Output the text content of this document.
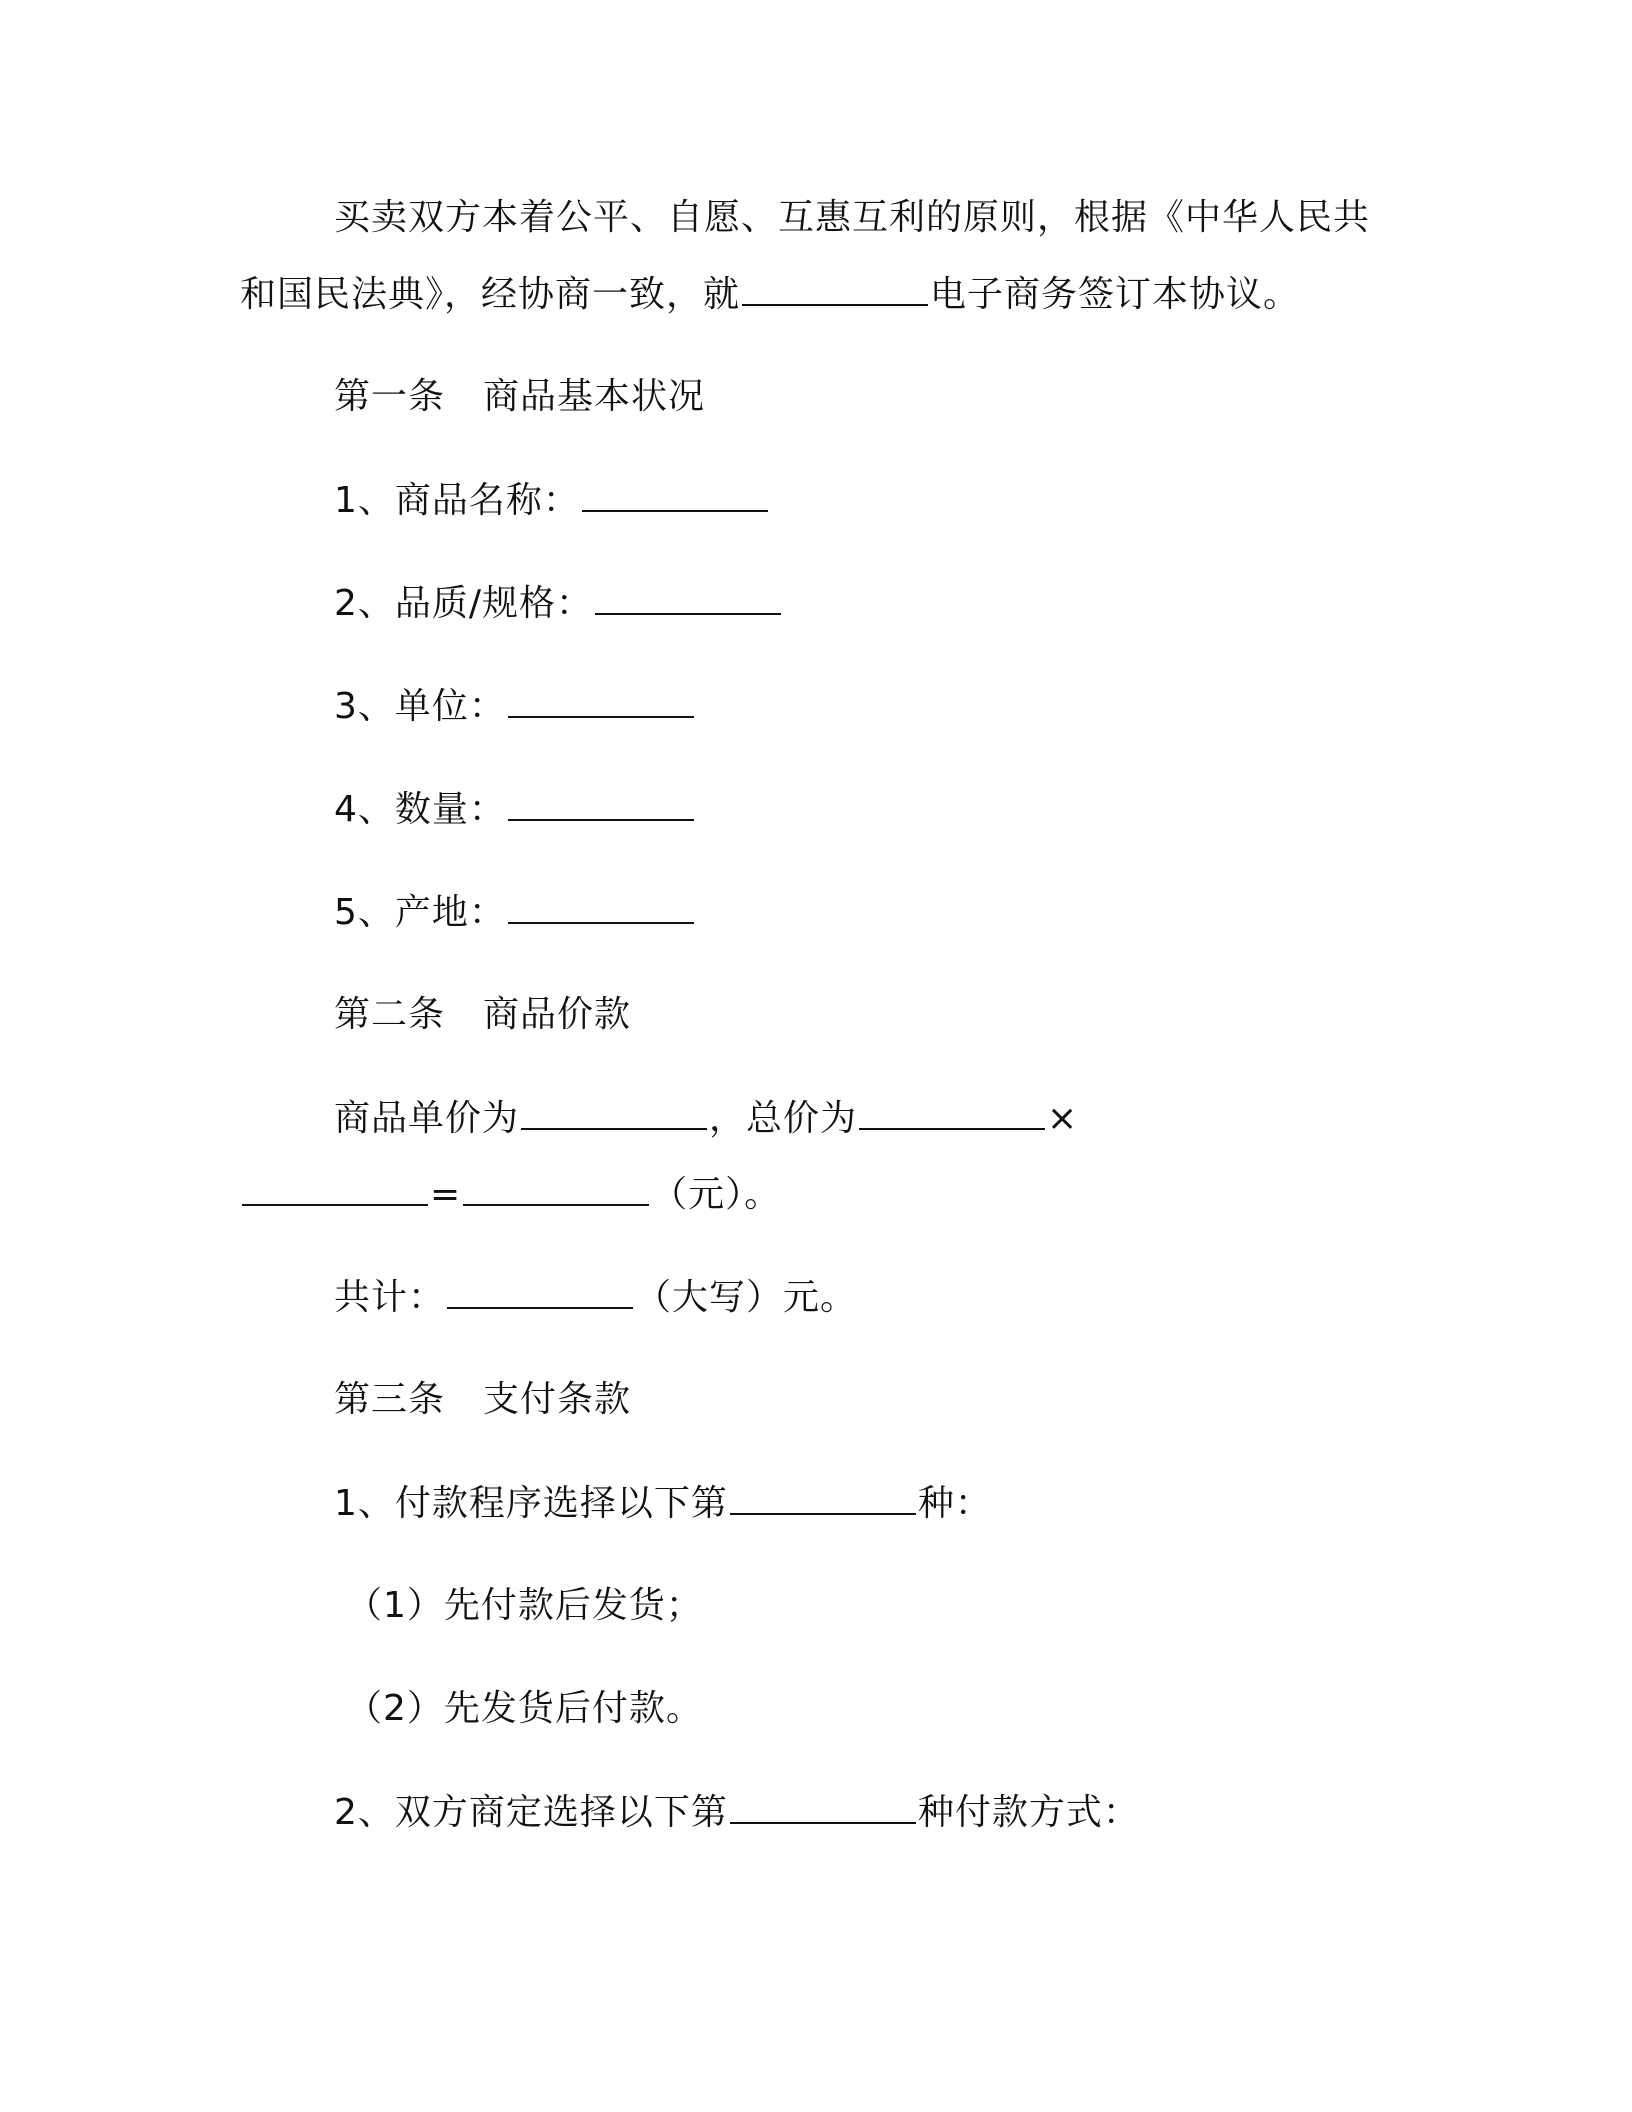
买卖双方本着公平、自愿、互惠互利的原则，根据《中华人民共
和国民法典》，经协商一致，就	电子商务签订本协议。
第一条 商品基本状况
1、商品名称：
2、品质/规格：
3、单位：
4、数量：
5、产地：
第二条 商品价款
商品单价为	，总价为	×
=	（元）。
共计：	（大写）元。
第三条 支付条款
1、付款程序选择以下第	种：
（1）先付款后发货；
（2）先发货后付款。
2、双方商定选择以下第	种付款方式：
